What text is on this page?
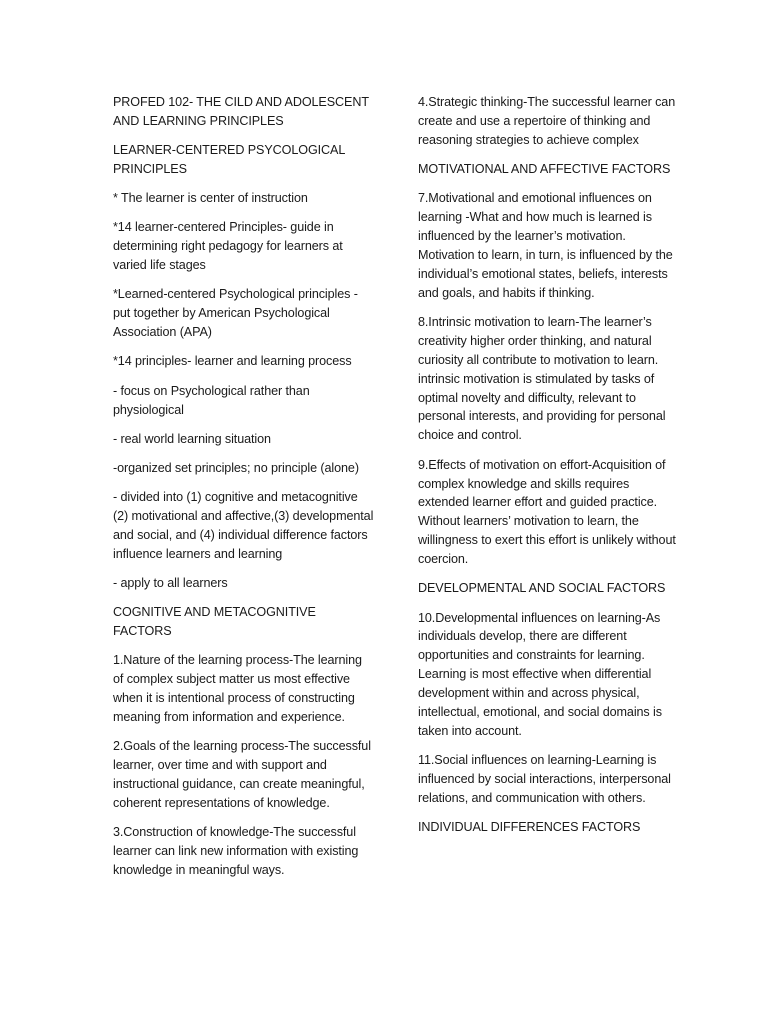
PROFED 102- THE CILD AND ADOLESCENT AND LEARNING PRINCIPLES

LEARNER-CENTERED PSYCOLOGICAL PRINCIPLES

* The learner is center of instruction

*14 learner-centered Principles- guide in determining right pedagogy for learners at varied life stages

*Learned-centered Psychological principles - put together by American Psychological Association (APA)

*14 principles- learner and learning process

- focus on Psychological rather than physiological

- real world learning situation

-organized set principles; no principle (alone)

- divided into (1) cognitive and metacognitive (2) motivational and affective,(3) developmental and social, and (4) individual difference factors influence learners and learning

- apply to all learners

COGNITIVE AND METACOGNITIVE FACTORS

1.Nature of the learning process-The learning of complex subject matter us most effective when it is intentional process of constructing meaning from information and experience.

2.Goals of the learning process-The successful learner, over time and with support and instructional guidance, can create meaningful, coherent representations of knowledge.

3.Construction of knowledge-The successful learner can link new information with existing knowledge in meaningful ways.

4.Strategic thinking-The successful learner can create and use a repertoire of thinking and reasoning strategies to achieve complex

MOTIVATIONAL AND AFFECTIVE FACTORS

7.Motivational and emotional influences on learning -What and how much is learned is influenced by the learner’s motivation. Motivation to learn, in turn, is influenced by the individual’s emotional states, beliefs, interests and goals, and habits if thinking.

8.Intrinsic motivation to learn-The learner’s creativity higher order thinking, and natural curiosity all contribute to motivation to learn. intrinsic motivation is stimulated by tasks of optimal novelty and difficulty, relevant to personal interests, and providing for personal choice and control.

9.Effects of motivation on effort-Acquisition of complex knowledge and skills requires extended learner effort and guided practice. Without learners’ motivation to learn, the willingness to exert this effort is unlikely without coercion.

DEVELOPMENTAL AND SOCIAL FACTORS

10.Developmental influences on learning-As individuals develop, there are different opportunities and constraints for learning. Learning is most effective when differential development within and across physical, intellectual, emotional, and social domains is taken into account.

11.Social influences on learning-Learning is influenced by social interactions, interpersonal relations, and communication with others.

INDIVIDUAL DIFFERENCES FACTORS
